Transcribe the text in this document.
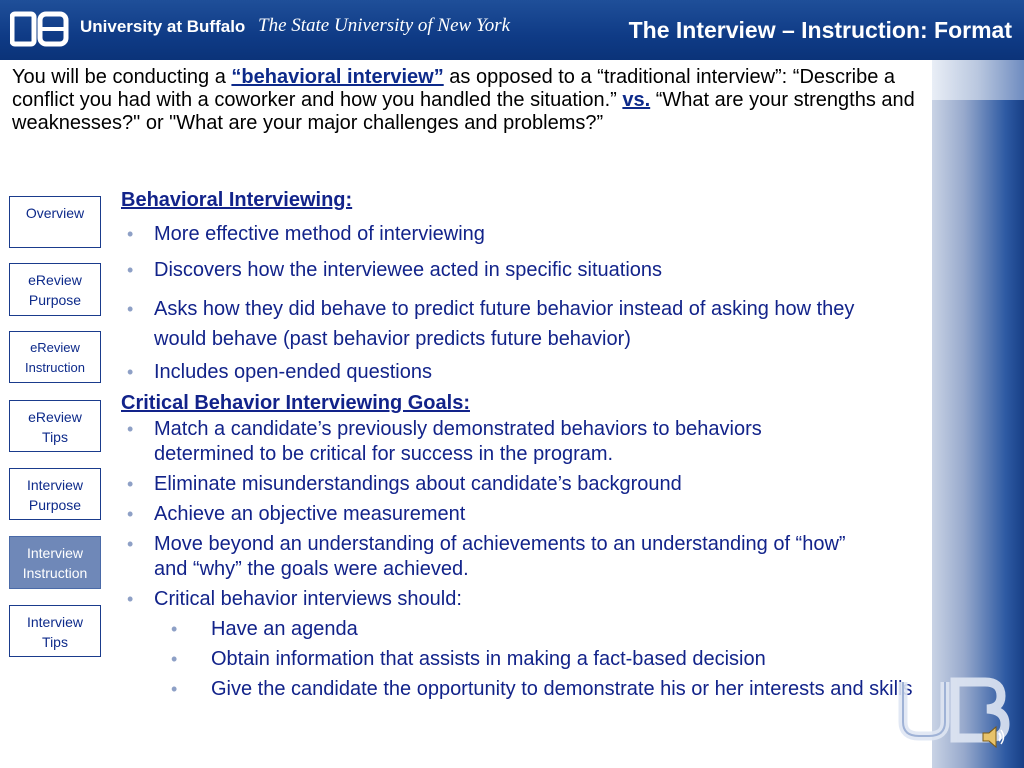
University at Buffalo The State University of New York	The Interview – Instruction: Format
You will be conducting a “behavioral interview” as opposed to a “traditional interview”: “Describe a conflict you had with a coworker and how you handled the situation.” vs. “What are your strengths and weaknesses?" or "What are your major challenges and problems?”
Overview
eReview
Purpose
eReview
Instruction
eReview
Tips
Interview
Purpose
Interview
Instruction
Interview
Tips
Behavioral Interviewing:
• More effective method of interviewing
• Discovers how the interviewee acted in specific situations
• Asks how they did behave to predict future behavior instead of asking how they would behave (past behavior predicts future behavior)
• Includes open-ended questions
Critical Behavior Interviewing Goals:
• Match a candidate’s previously demonstrated behaviors to behaviors determined to be critical for success in the program.
• Eliminate misunderstandings about candidate’s background
• Achieve an objective measurement
• Move beyond an understanding of achievements to an understanding of “how” and “why” the goals were achieved.
• Critical behavior interviews should:
• Have an agenda
• Obtain information that assists in making a fact-based decision
• Give the candidate the opportunity to demonstrate his or her interests and skills
